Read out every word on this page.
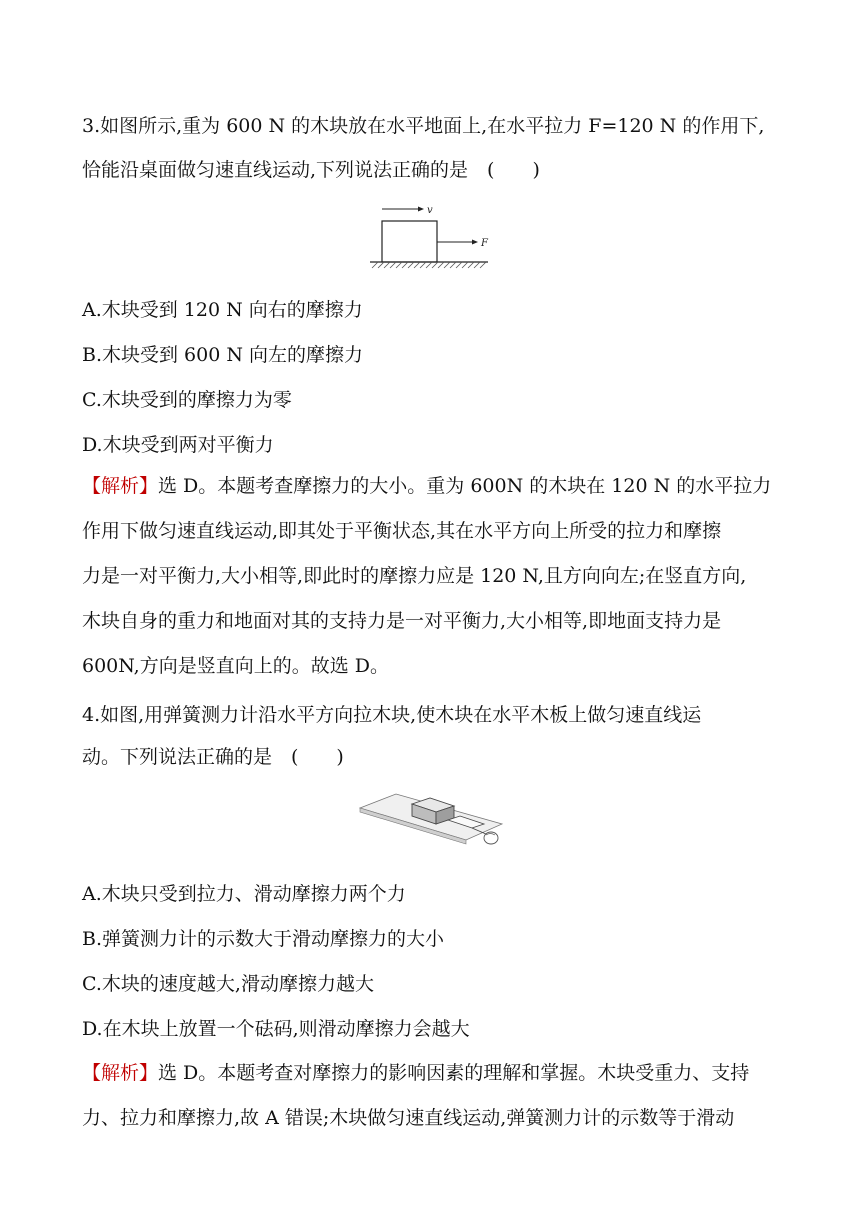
3.如图所示,重为 600 N 的木块放在水平地面上,在水平拉力 F=120 N 的作用下,
恰能沿桌面做匀速直线运动,下列说法正确的是　(　　)
v
F
A.木块受到 120 N 向右的摩擦力
B.木块受到 600 N 向左的摩擦力
C.木块受到的摩擦力为零
D.木块受到两对平衡力
【解析】选 D。本题考查摩擦力的大小。重为 600N 的木块在 120 N 的水平拉力
作用下做匀速直线运动,即其处于平衡状态,其在水平方向上所受的拉力和摩擦
力是一对平衡力,大小相等,即此时的摩擦力应是 120 N,且方向向左;在竖直方向,
木块自身的重力和地面对其的支持力是一对平衡力,大小相等,即地面支持力是
600N,方向是竖直向上的。故选 D。
4.如图,用弹簧测力计沿水平方向拉木块,使木块在水平木板上做匀速直线运
动。下列说法正确的是　(　　)
A.木块只受到拉力、滑动摩擦力两个力
B.弹簧测力计的示数大于滑动摩擦力的大小
C.木块的速度越大,滑动摩擦力越大
D.在木块上放置一个砝码,则滑动摩擦力会越大
【解析】选 D。本题考查对摩擦力的影响因素的理解和掌握。木块受重力、支持
力、拉力和摩擦力,故 A 错误;木块做匀速直线运动,弹簧测力计的示数等于滑动
